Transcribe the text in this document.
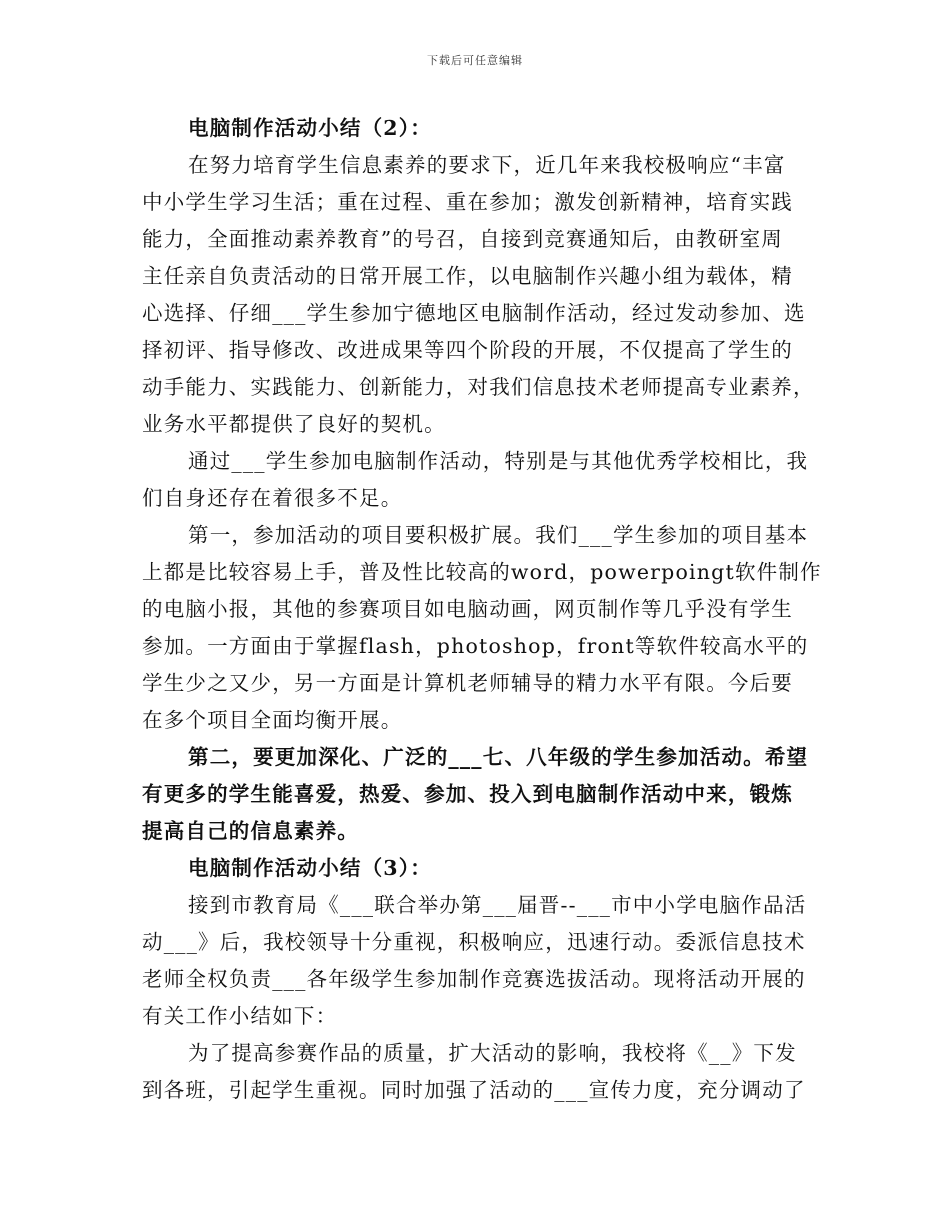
下载后可任意编辑
电脑制作活动小结（2）：
在努力培育学生信息素养的要求下，近几年来我校极响应“丰富
中小学生学习生活；重在过程、重在参加；激发创新精神，培育实践
能力，全面推动素养教育”的号召，自接到竞赛通知后，由教研室周
主任亲自负责活动的日常开展工作，以电脑制作兴趣小组为载体，精
心选择、仔细___学生参加宁德地区电脑制作活动，经过发动参加、选
择初评、指导修改、改进成果等四个阶段的开展，不仅提高了学生的
动手能力、实践能力、创新能力，对我们信息技术老师提高专业素养，
业务水平都提供了良好的契机。
通过___学生参加电脑制作活动，特别是与其他优秀学校相比，我
们自身还存在着很多不足。
第一，参加活动的项目要积极扩展。我们___学生参加的项目基本
上都是比较容易上手，普及性比较高的word，powerpoingt软件制作
的电脑小报，其他的参赛项目如电脑动画，网页制作等几乎没有学生
参加。一方面由于掌握flash，photoshop，front等软件较高水平的
学生少之又少，另一方面是计算机老师辅导的精力水平有限。今后要
在多个项目全面均衡开展。
第二，要更加深化、广泛的___七、八年级的学生参加活动。希望
有更多的学生能喜爱，热爱、参加、投入到电脑制作活动中来，锻炼
提高自己的信息素养。
电脑制作活动小结（3）：
接到市教育局《___联合举办第___届晋--___市中小学电脑作品活
动___》后，我校领导十分重视，积极响应，迅速行动。委派信息技术
老师全权负责___各年级学生参加制作竞赛选拔活动。现将活动开展的
有关工作小结如下：
为了提高参赛作品的质量，扩大活动的影响，我校将《__》下发
到各班，引起学生重视。同时加强了活动的___宣传力度，充分调动了
